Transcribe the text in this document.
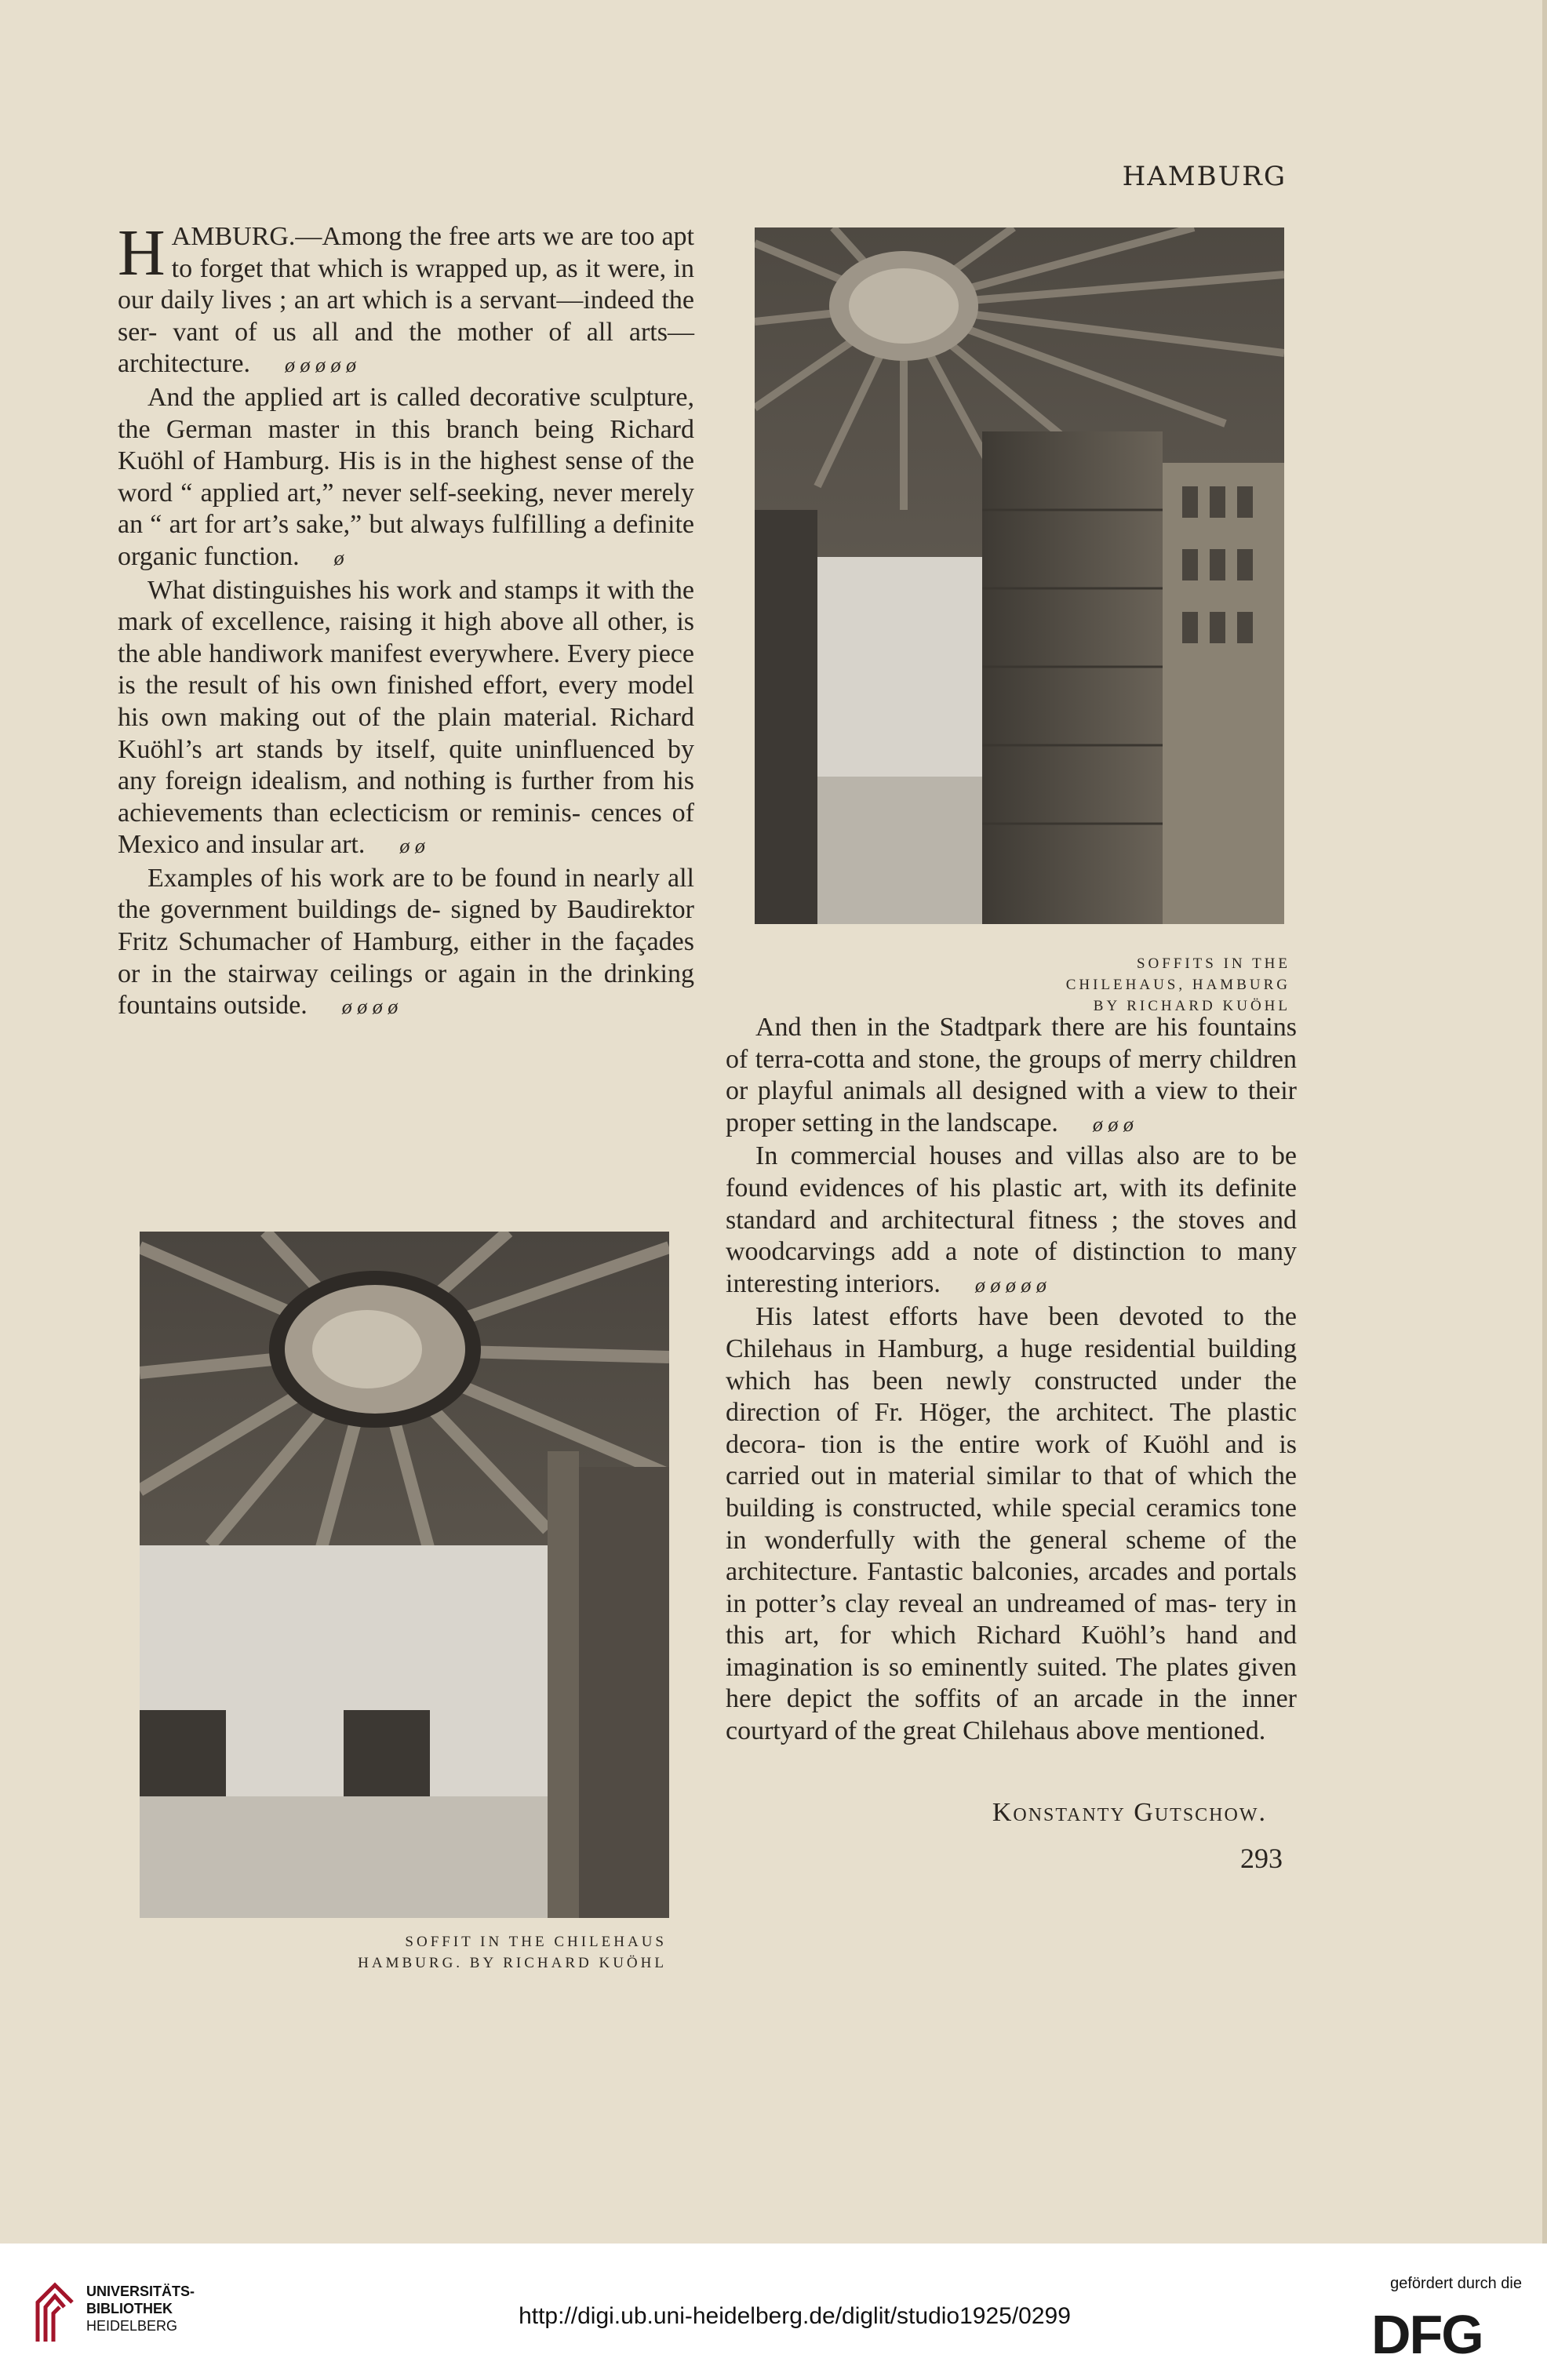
HAMBURG

HAMBURG.—Among the free arts we are too apt to forget that which is wrapped up, as it were, in our daily lives ; an art which is a servant—indeed the ser- vant of us all and the mother of all arts— architecture. ø ø ø ø ø

And the applied art is called decorative sculpture, the German master in this branch being Richard Kuöhl of Hamburg. His is in the highest sense of the word “ applied art,” never self-seeking, never merely an “ art for art’s sake,” but always fulfilling a definite organic function. ø

What distinguishes his work and stamps it with the mark of excellence, raising it high above all other, is the able handiwork manifest everywhere. Every piece is the result of his own finished effort, every model his own making out of the plain material. Richard Kuöhl’s art stands by itself, quite uninfluenced by any foreign idealism, and nothing is further from his achievements than eclecticism or reminis- cences of Mexico and insular art. ø ø

Examples of his work are to be found in nearly all the government buildings de- signed by Baudirektor Fritz Schumacher of Hamburg, either in the façades or in the stairway ceilings or again in the drinking fountains outside. ø ø ø ø

SOFFITS IN THE
CHILEHAUS, HAMBURG
BY RICHARD KUÖHL

And then in the Stadtpark there are his fountains of terra-cotta and stone, the groups of merry children or playful animals all designed with a view to their proper setting in the landscape. ø ø ø

In commercial houses and villas also are to be found evidences of his plastic art, with its definite standard and architectural fitness ; the stoves and woodcarvings add a note of distinction to many interesting interiors. ø ø ø ø ø

His latest efforts have been devoted to the Chilehaus in Hamburg, a huge residential building which has been newly constructed under the direction of Fr. Höger, the architect. The plastic decora- tion is the entire work of Kuöhl and is carried out in material similar to that of which the building is constructed, while special ceramics tone in wonderfully with the general scheme of the architecture. Fantastic balconies, arcades and portals in potter’s clay reveal an undreamed of mas- tery in this art, for which Richard Kuöhl’s hand and imagination is so eminently suited. The plates given here depict the soffits of an arcade in the inner courtyard of the great Chilehaus above mentioned.

Konstanty Gutschow.
293
SOFFIT IN THE CHILEHAUS
HAMBURG. BY RICHARD KUÖHL
UNIVERSITÄTS-
BIBLIOTHEK
HEIDELBERG	http://digi.ub.uni-heidelberg.de/diglit/studio1925/0299
gefördert durch die
DFG
